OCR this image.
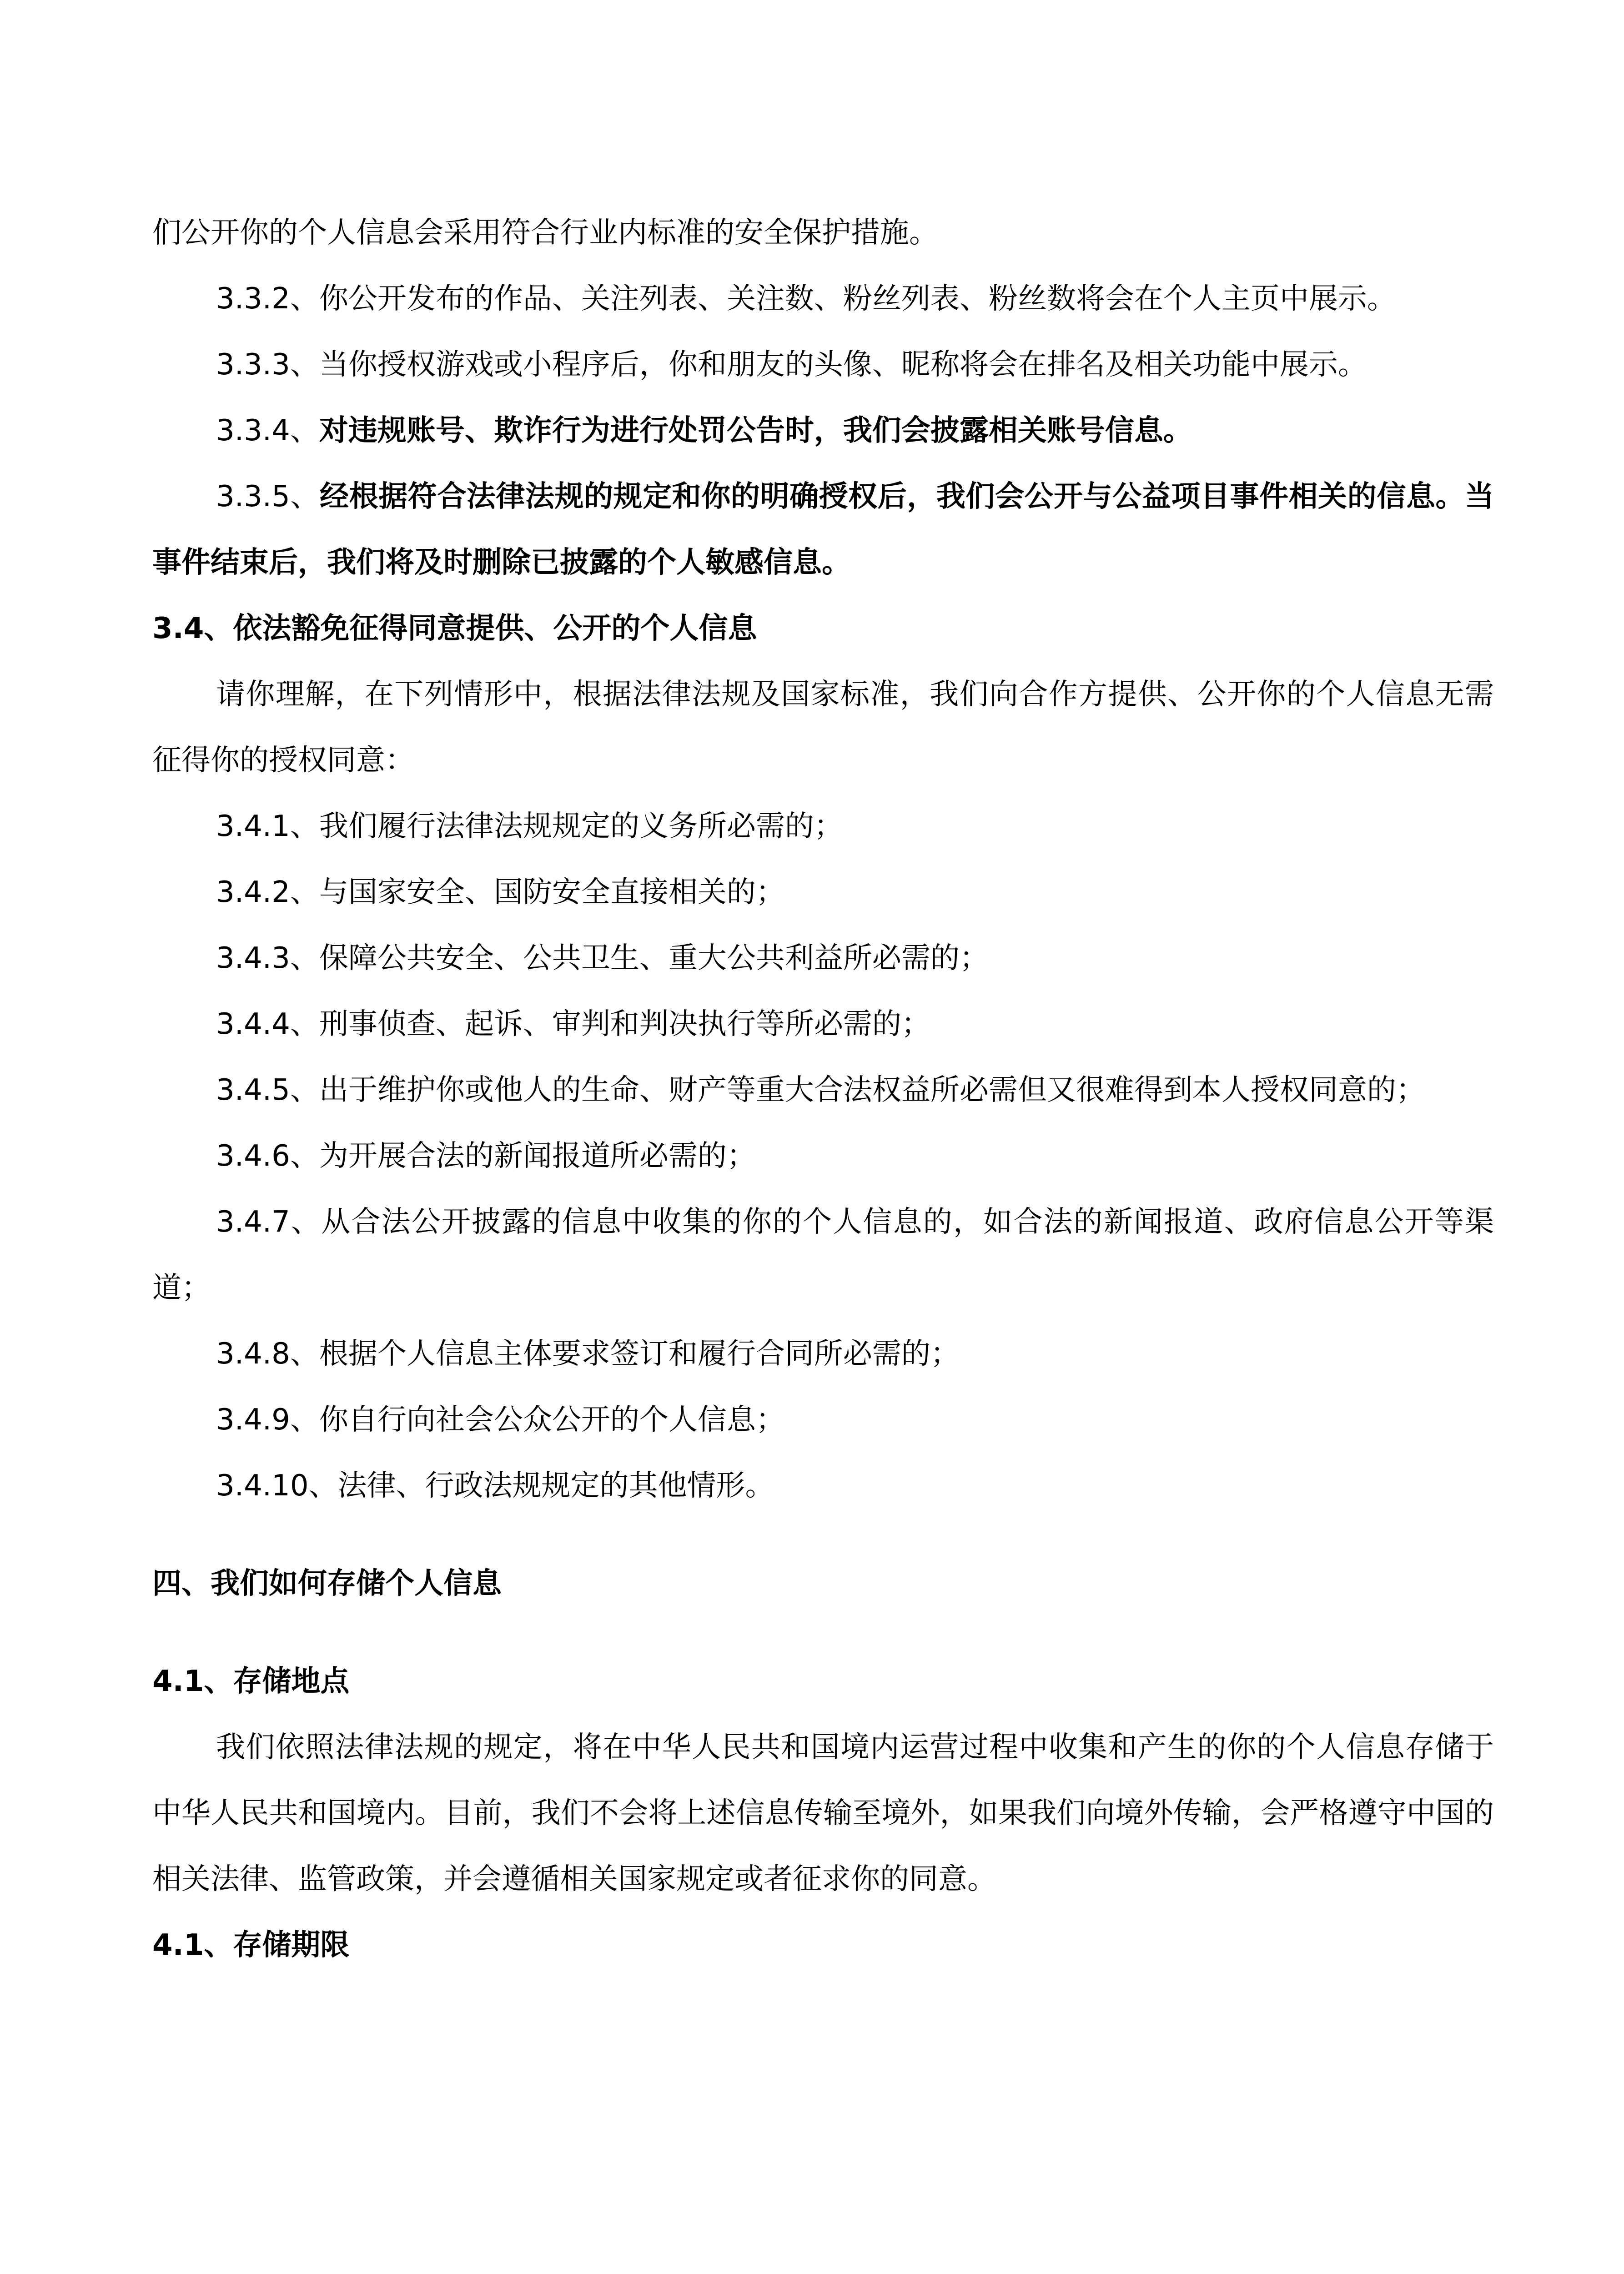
们公开你的个人信息会采用符合行业内标准的安全保护措施。

3.3.2、你公开发布的作品、关注列表、关注数、粉丝列表、粉丝数将会在个人主页中展示。

3.3.3、当你授权游戏或小程序后，你和朋友的头像、昵称将会在排名及相关功能中展示。

3.3.4、对违规账号、欺诈行为进行处罚公告时，我们会披露相关账号信息。

3.3.5、经根据符合法律法规的规定和你的明确授权后，我们会公开与公益项目事件相关的信息。当事件结束后，我们将及时删除已披露的个人敏感信息。

3.4、依法豁免征得同意提供、公开的个人信息

请你理解，在下列情形中，根据法律法规及国家标准，我们向合作方提供、公开你的个人信息无需征得你的授权同意：

3.4.1、我们履行法律法规规定的义务所必需的；

3.4.2、与国家安全、国防安全直接相关的；

3.4.3、保障公共安全、公共卫生、重大公共利益所必需的；

3.4.4、刑事侦查、起诉、审判和判决执行等所必需的；

3.4.5、出于维护你或他人的生命、财产等重大合法权益所必需但又很难得到本人授权同意的；

3.4.6、为开展合法的新闻报道所必需的；

3.4.7、从合法公开披露的信息中收集的你的个人信息的，如合法的新闻报道、政府信息公开等渠道；

3.4.8、根据个人信息主体要求签订和履行合同所必需的；

3.4.9、你自行向社会公众公开的个人信息；

3.4.10、法律、行政法规规定的其他情形。

四、我们如何存储个人信息

4.1、存储地点

我们依照法律法规的规定，将在中华人民共和国境内运营过程中收集和产生的你的个人信息存储于中华人民共和国境内。目前，我们不会将上述信息传输至境外，如果我们向境外传输，会严格遵守中国的相关法律、监管政策，并会遵循相关国家规定或者征求你的同意。

4.1、存储期限
